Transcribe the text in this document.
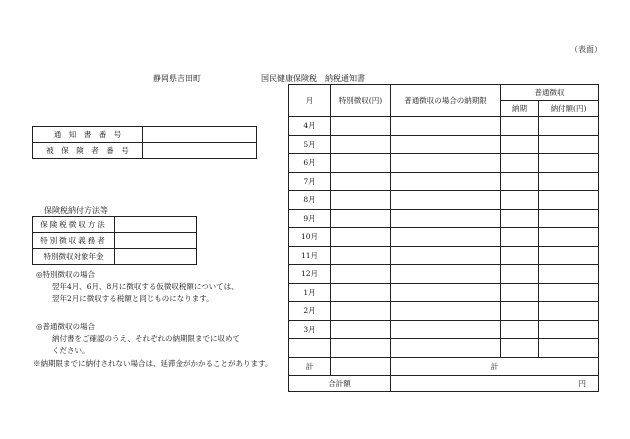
（表面）
静岡県吉田町	国民健康保険税　納税通知書
通　知　書　番　号	
被　保　険　者　番　号	
保険税納付方法等
保険税徴収方法	
特別徴収義務者	
特別徴収対象年金	
◎特別徴収の場合
翌年4月、6月、8月に徴収する仮徴収税額については、
翌年2月に徴収する税額と同じものになります。
◎普通徴収の場合
納付書をご確認のうえ、それぞれの納期限までに収めて
ください。
※納期限までに納付されない場合は、延滞金がかかることがあります。
月	特別徴収(円)	普通徴収の場合の納期限	普通徴収	
			納期	納付額(円)
4月				
5月				
6月				
7月				
8月				
9月				
10月				
11月				
12月				
1月				
2月				
3月				

計		計		
合計額		円		
